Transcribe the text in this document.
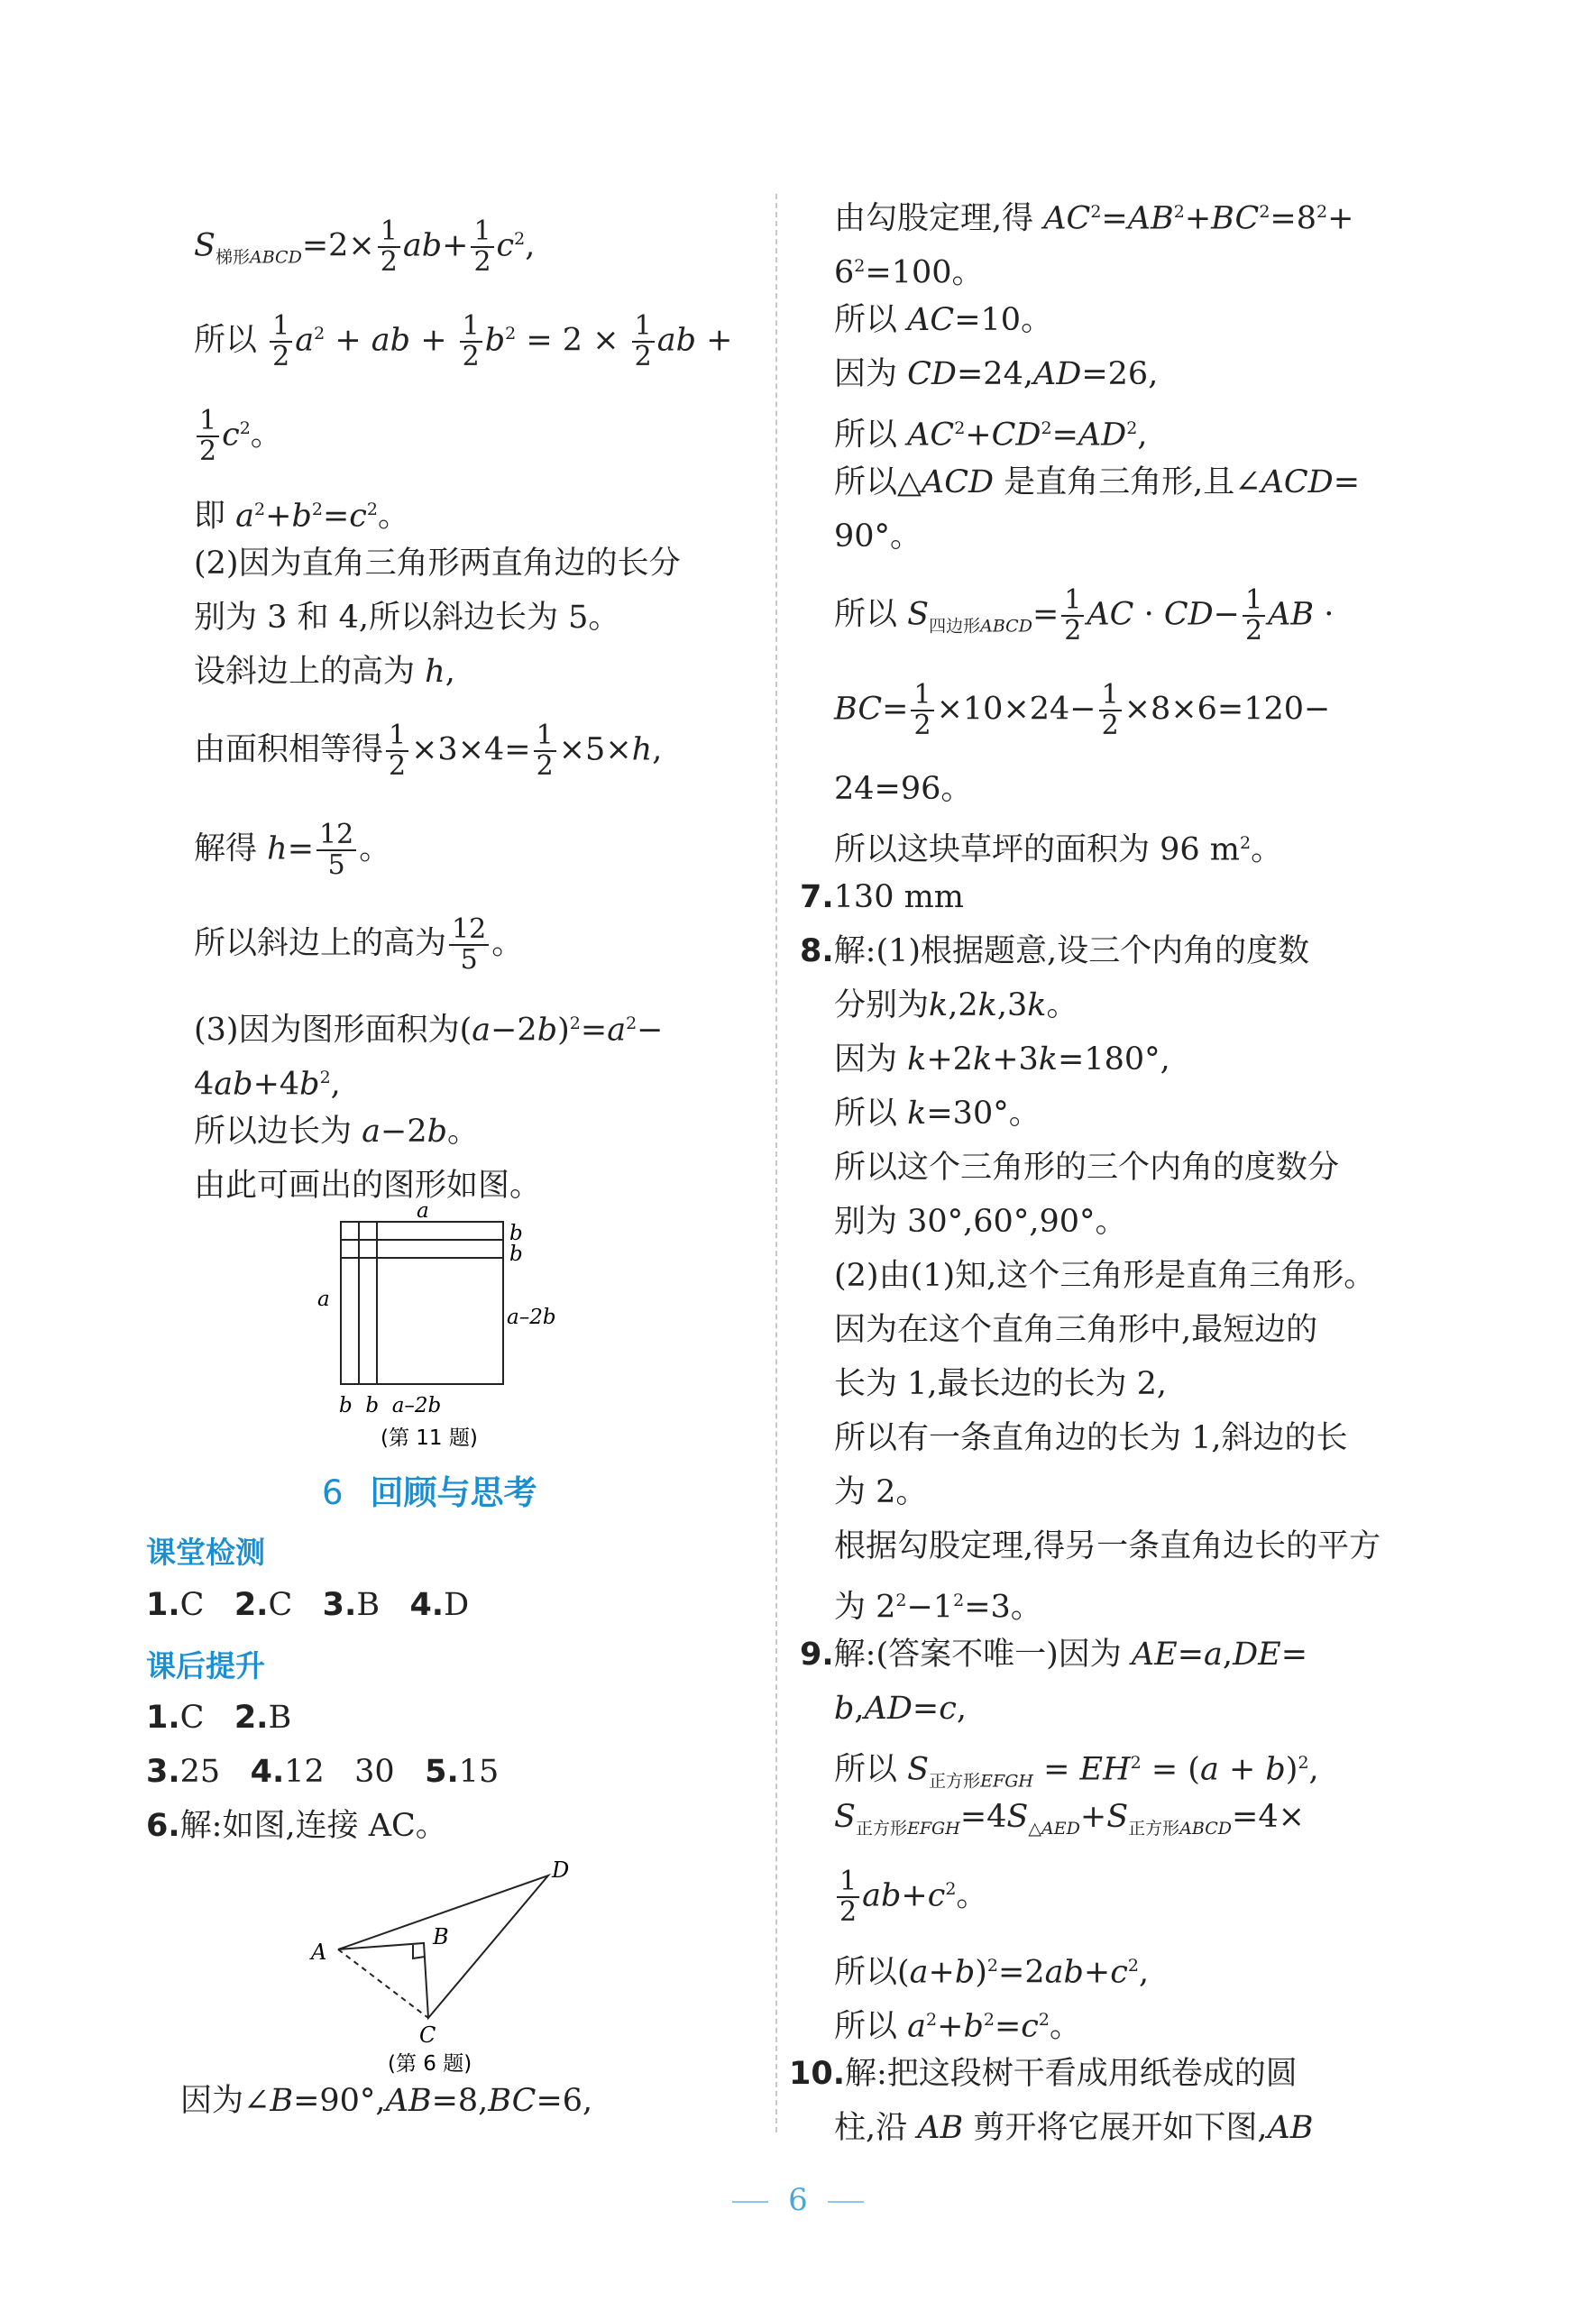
$S_{梯形ABCD}=2\times \frac{1}{2} ab+ \frac{1}{2} c^2$,
所以 $\frac{1}{2} a^2$ + ab + $\frac{1}{2} b^2 = 2 \times \frac{1}{2}$ ab +
$\frac{1}{2} c^2$。
即 $a^2+b^2=c^2$。
(2)因为直角三角形两直角边的长分
别为 3 和 4,所以斜边长为 5。
设斜边上的高为 h,
由面积相等得 $\frac{1}{2} \times 3\times 4= \frac{1}{2} \times 5\times h$,
解得 $h= \frac{12}{5}$ 。
所以斜边上的高为 $\frac{12}{5}$ 。
(3)因为图形面积为$(a-2b)^2=a^2-$
$4ab+4b^2$,
所以边长为 a−2b。
由此可画出的图形如图。
a
b
b
a
a–2b
b  b  a–2b
(第 11 题)
6 回顾与思考
课堂检测
1.C 2.C 3.B 4.D
课后提升
1.C 2.B
3.25 4.12   30 5.15
6.解:如图,连接 AC。
A
B
C
D
(第 6 题)
因为∠B=90°,AB=8,BC=6,
由勾股定理,得 $AC^2=AB^2+BC^2=8^2+$
$6^2=100$。
所以 AC=10。
因为 CD=24,AD=26,
所以 $AC^2+CD^2=AD^2$,
所以△ACD 是直角三角形,且∠ACD=
90°。
所以 $S_{四边形ABCD}= \frac{1}{2}$ AC · $CD- \frac{1}{2}$ AB ·
$BC= \frac{1}{2} \times 10\times 24- \frac{1}{2} \times 8\times 6=120-$
24=96。
所以这块草坪的面积为 96 $m^2$。
7.130 mm
8.解:(1)根据题意,设三个内角的度数
分别为k,2k,3k。
因为 k+2k+3k=180°,
所以 k=30°。
所以这个三角形的三个内角的度数分
别为 30°,60°,90°。
(2)由(1)知,这个三角形是直角三角形。
因为在这个直角三角形中,最短边的
长为 1,最长边的长为 2,
所以有一条直角边的长为 1,斜边的长
为 2。
根据勾股定理,得另一条直角边长的平方
为 $2^2-1^2=3$。
9.解:(答案不唯一)因为 AE=a,DE=
b,AD=c,
所以 $S_{正方形EFGH} = EH^2 = (a + b)^2$,
$S_{正方形EFGH}=4S_{\triangle AED}+S_{正方形ABCD}=4\times$
$\frac{1}{2} ab+c^2$。
所以$(a+b)^2=2ab+c^2$,
所以 $a^2+b^2=c^2$。
10.解:把这段树干看成用纸卷成的圆
柱,沿 AB 剪开将它展开如下图,AB
6
